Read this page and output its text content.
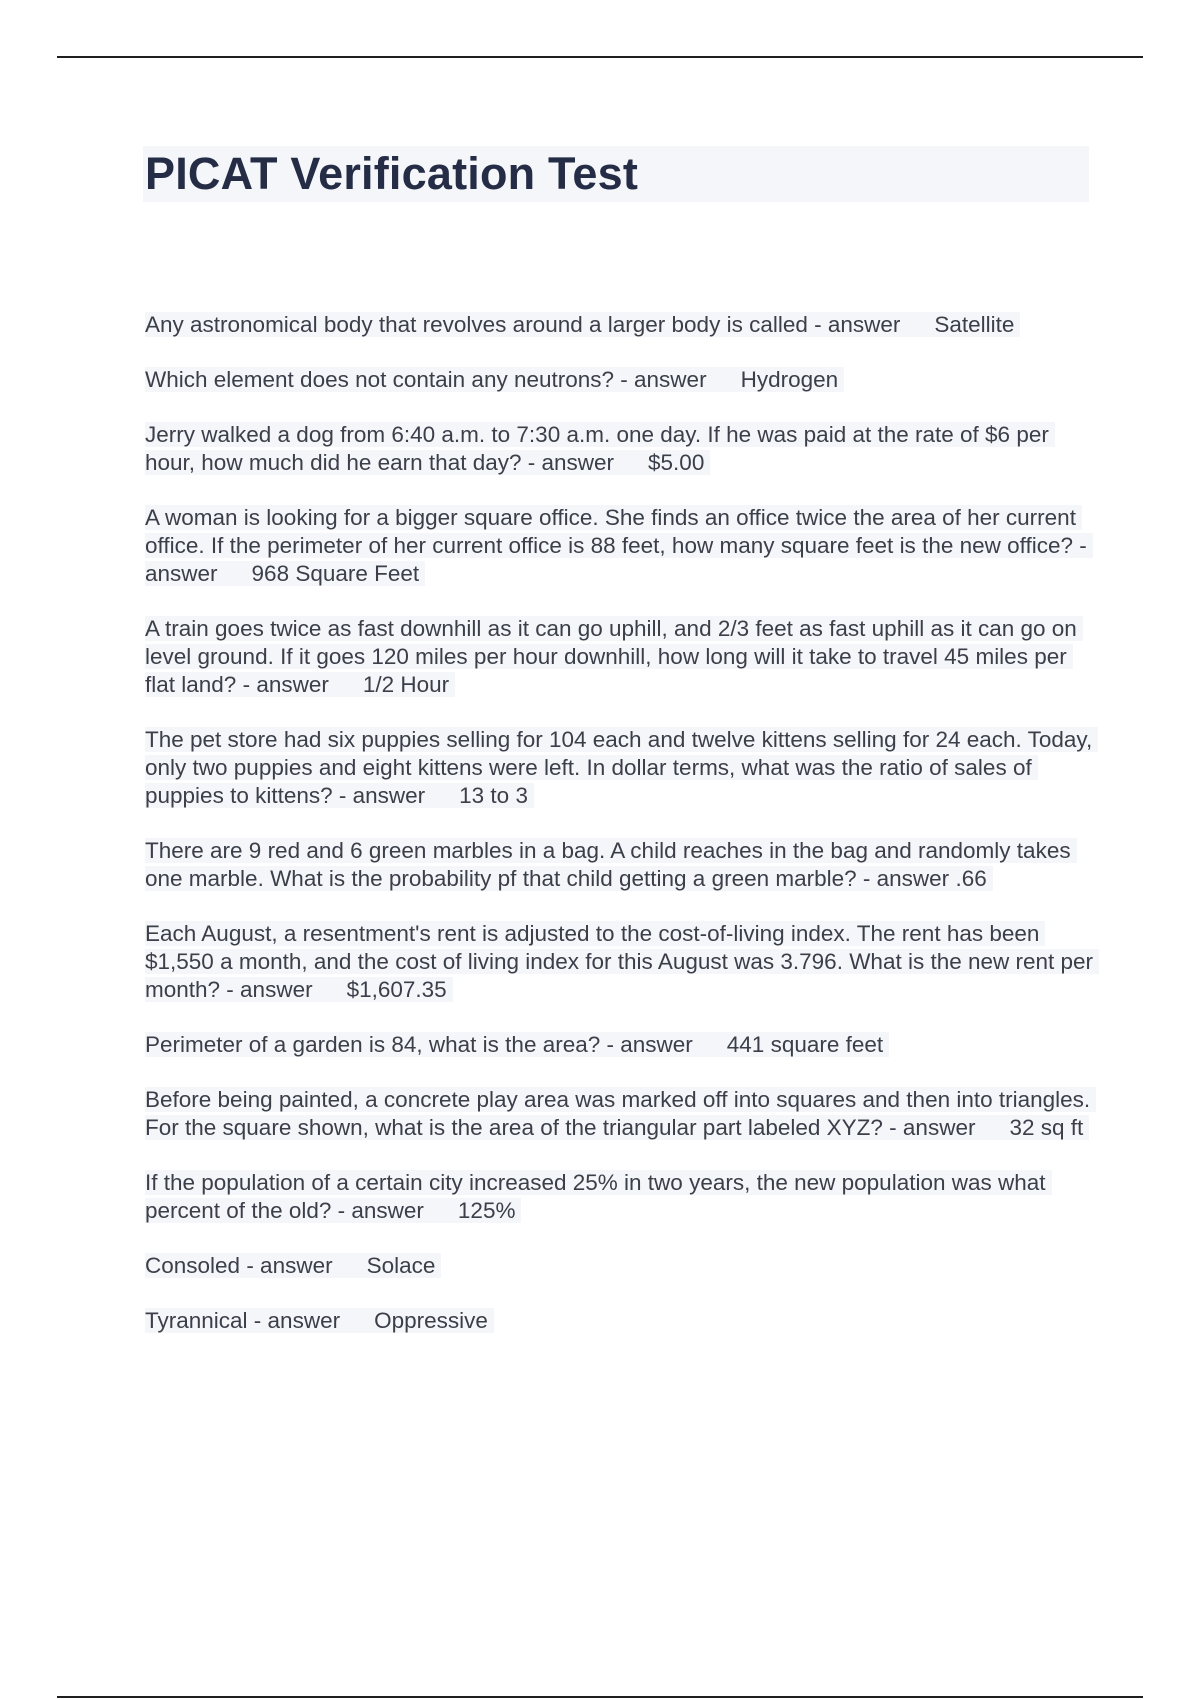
PICAT Verification Test

Any astronomical body that revolves around a larger body is called - answer Satellite

Which element does not contain any neutrons? - answer Hydrogen

Jerry walked a dog from 6:40 a.m. to 7:30 a.m. one day. If he was paid at the rate of $6 per hour, how much did he earn that day? - answer $5.00

A woman is looking for a bigger square office. She finds an office twice the area of her current office. If the perimeter of her current office is 88 feet, how many square feet is the new office? - answer 968 Square Feet

A train goes twice as fast downhill as it can go uphill, and 2/3 feet as fast uphill as it can go on level ground. If it goes 120 miles per hour downhill, how long will it take to travel 45 miles per flat land? - answer 1/2 Hour

The pet store had six puppies selling for 104 each and twelve kittens selling for 24 each. Today, only two puppies and eight kittens were left. In dollar terms, what was the ratio of sales of puppies to kittens? - answer 13 to 3

There are 9 red and 6 green marbles in a bag. A child reaches in the bag and randomly takes one marble. What is the probability pf that child getting a green marble? - answer .66

Each August, a resentment's rent is adjusted to the cost-of-living index. The rent has been $1,550 a month, and the cost of living index for this August was 3.796. What is the new rent per month? - answer $1,607.35

Perimeter of a garden is 84, what is the area? - answer 441 square feet

Before being painted, a concrete play area was marked off into squares and then into triangles. For the square shown, what is the area of the triangular part labeled XYZ? - answer 32 sq ft

If the population of a certain city increased 25% in two years, the new population was what percent of the old? - answer 125%

Consoled - answer Solace

Tyrannical - answer Oppressive
